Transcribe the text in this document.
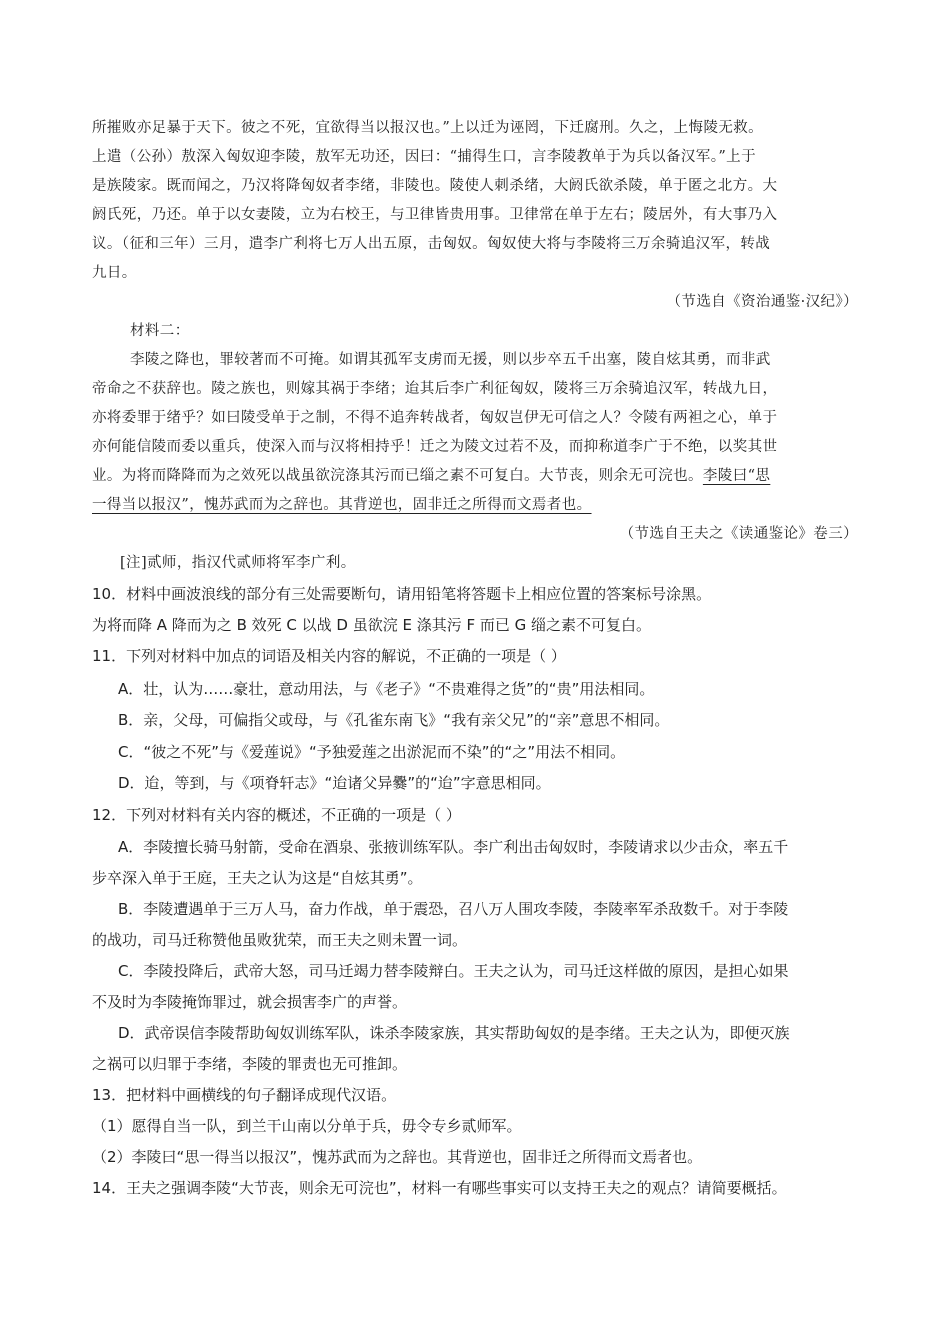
所摧败亦足暴于天下。彼之不死，宜欲得当以报汉也。”上以迁为诬罔，下迁腐刑。久之，上悔陵无救。
上遣（公孙）敖深入匈奴迎李陵，敖军无功还，因曰：“捕得生口，言李陵教单于为兵以备汉军。”上于
是族陵家。既而闻之，乃汉将降匈奴者李绪，非陵也。陵使人刺杀绪，大阏氏欲杀陵，单于匿之北方。大
阏氏死，乃还。单于以女妻陵，立为右校王，与卫律皆贵用事。卫律常在单于左右；陵居外，有大事乃入
议。（征和三年）三月，遣李广利将七万人出五原，击匈奴。匈奴使大将与李陵将三万余骑追汉军，转战
九日。
（节选自《资治通鉴·汉纪》）
材料二：
李陵之降也，罪较著而不可掩。如谓其孤军支虏而无援，则以步卒五千出塞，陵自炫其勇，而非武
帝命之不获辞也。陵之族也，则嫁其祸于李绪；迨其后李广利征匈奴，陵将三万余骑追汉军，转战九日，
亦将委罪于绪乎？如曰陵受单于之制，不得不追奔转战者，匈奴岂伊无可信之人？令陵有两袒之心，单于
亦何能信陵而委以重兵，使深入而与汉将相持乎！迁之为陵文过若不及，而抑称道李广于不绝，以奖其世
业。为将而降降而为之效死以战虽欲浣涤其污而已缁之素不可复白。大节丧，则余无可浣也。李陵曰“思
一得当以报汉”，愧苏武而为之辞也。其背逆也，固非迁之所得而文焉者也。
（节选自王夫之《读通鉴论》卷三）
[注]贰师，指汉代贰师将军李广利。
10．材料中画波浪线的部分有三处需要断句，请用铅笔将答题卡上相应位置的答案标号涂黑。
为将而降 A 降而为之 B 效死 C 以战 D 虽欲浣 E 涤其污 F 而已 G 缁之素不可复白。
11．下列对材料中加点的词语及相关内容的解说，不正确的一项是（ ）
A．壮，认为……豪壮，意动用法，与《老子》“不贵难得之货”的“贵”用法相同。
B．亲，父母，可偏指父或母，与《孔雀东南飞》“我有亲父兄”的“亲”意思不相同。
C．“彼之不死”与《爱莲说》“予独爱莲之出淤泥而不染”的“之”用法不相同。
D．迨，等到，与《项脊轩志》“迨诸父异爨”的“迨”字意思相同。
12．下列对材料有关内容的概述，不正确的一项是（ ）
A．李陵擅长骑马射箭，受命在酒泉、张掖训练军队。李广利出击匈奴时，李陵请求以少击众，率五千
步卒深入单于王庭，王夫之认为这是“自炫其勇”。
B．李陵遭遇单于三万人马，奋力作战，单于震恐，召八万人围攻李陵，李陵率军杀敌数千。对于李陵
的战功，司马迁称赞他虽败犹荣，而王夫之则未置一词。
C．李陵投降后，武帝大怒，司马迁竭力替李陵辩白。王夫之认为，司马迁这样做的原因，是担心如果
不及时为李陵掩饰罪过，就会损害李广的声誉。
D．武帝误信李陵帮助匈奴训练军队，诛杀李陵家族，其实帮助匈奴的是李绪。王夫之认为，即便灭族
之祸可以归罪于李绪，李陵的罪责也无可推卸。
13．把材料中画横线的句子翻译成现代汉语。
（1）愿得自当一队，到兰干山南以分单于兵，毋令专乡贰师军。
（2）李陵曰“思一得当以报汉”，愧苏武而为之辞也。其背逆也，固非迁之所得而文焉者也。
14．王夫之强调李陵“大节丧，则余无可浣也”，材料一有哪些事实可以支持王夫之的观点？请简要概括。
